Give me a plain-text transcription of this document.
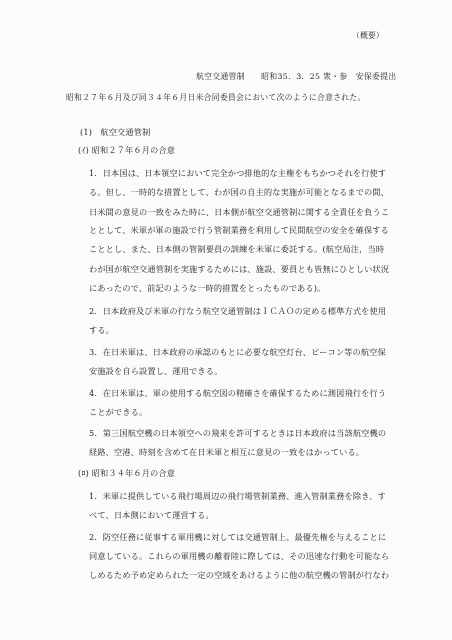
（概要）
航空交通管制　　昭和35．3．25 衆・参　安保委提出
昭和２７年６月及び同３４年６月日米合同委員会において次のように合意された。
(1)　航空交通管制
(ｲ) 昭和２７年６月の合意
1．日本国は、日本領空において完全かつ排他的な主権をもちかつそれを行使す
る。但し、一時的な措置として、わが国の自主的な実施が可能となるまでの間、
日米間の意見の一致をみた時に、日本側が航空交通管制に関する全責任を負うこ
ととして、米軍が軍の施設で行う管制業務を利用して民間航空の安全を確保する
こととし、また、日本側の管制要員の訓練を米軍に委託する。(航空局注，当時
わが国が航空交通管制を実施するためには、施設、要員とも皆無にひとしい状況
にあったので、前記のような一時的措置をとったものである)。
2．日本政府及び米軍の行なう航空交通管制はＩＣＡＯの定める標準方式を使用
する。
3．在日米軍は、日本政府の承認のもとに必要な航空灯台、ビーコン等の航空保
安施設を自ら設置し、運用できる。
4．在日米軍は、軍の使用する航空図の精確さを確保するために測図飛行を行う
ことができる。
5．第三国航空機の日本領空への飛来を許可するときは日本政府は当該航空機の
経路、空港、時刻を含めて在日米軍と相互に意見の一致をはかっている。
(ﾛ) 昭和３４年６月の合意
1．米軍に提供している飛行場周辺の飛行場管制業務、進入管制業務を除き、す
べて、日本側において運営する。
2．防空任務に従事する軍用機に対しては交通管制上、最優先権を与えることに
同意している。これらの軍用機の離着陸に際しては、その迅速な行動を可能なら
しめるため予め定められた一定の空域をあけるように他の航空機の管制が行なわ
